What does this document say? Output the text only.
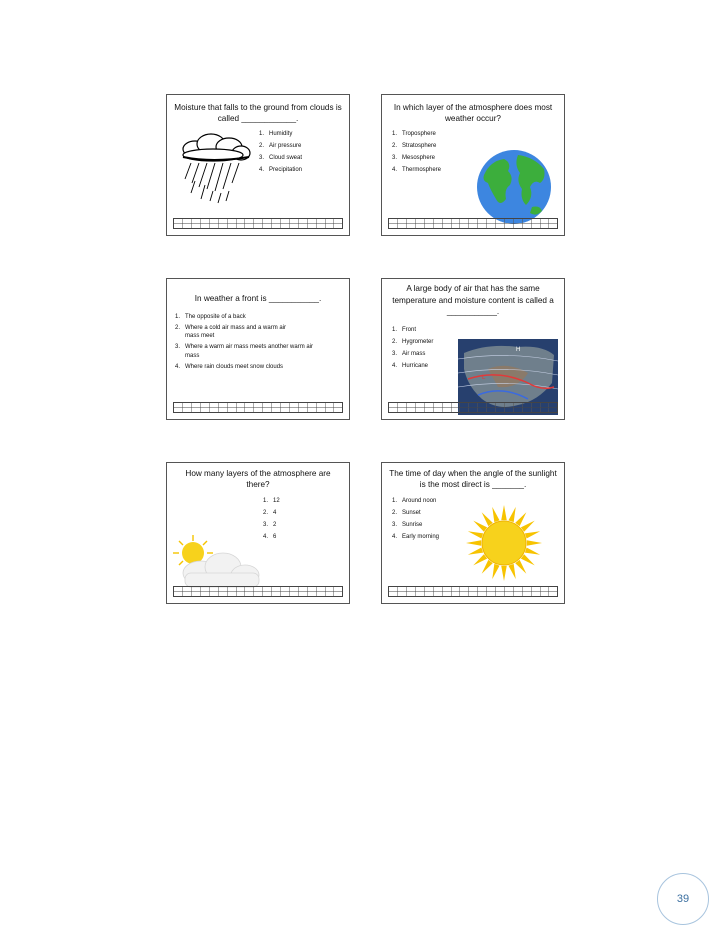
Moisture that falls to the ground from clouds is called ____________.
1. Humidity
2. Air pressure
3. Cloud sweat
4. Precipitation
In which layer of the atmosphere does most weather occur?
1. Troposphere
2. Stratosphere
3. Mesosphere
4. Thermosphere
In weather a front is ___________.
1. The opposite of a back
2. Where a cold air mass and a warm air mass meet
3. Where a warm air mass meets another warm air mass
4. Where rain clouds meet snow clouds
A large body of air that has the same temperature and moisture content is called a ___________.
1. Front
2. Hygrometer
3. Air mass
4. Hurricane
H
L
How many layers of the atmosphere are there?
1. 12
2. 4
3. 2
4. 6
The time of day when the angle of the sunlight is the most direct is _______.
1. Around noon
2. Sunset
3. Sunrise
4. Early morning
39
